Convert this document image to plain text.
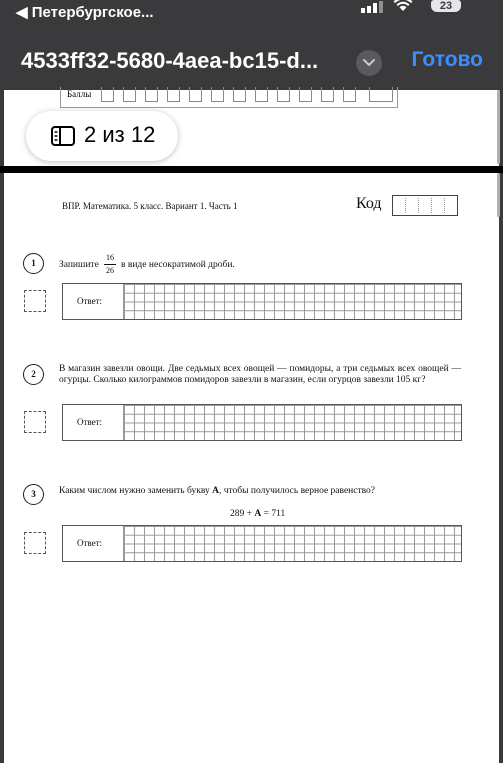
◀ Петербургское...	23
4533ff32-5680-4aea-bc15-d...	Готово
Баллы
2 из 12
ВПР. Математика. 5 класс. Вариант 1. Часть 1	Код
1	Запишите
16
26
в виде несократимой дроби.
Ответ:
2	В магазин завезли овощи. Две седьмых всех овощей — помидоры, а три седьмых всех овощей — огурцы. Сколько килограммов помидоров завезли в магазин, если огурцов завезли 105 кг?
Ответ:
3	Каким числом нужно заменить букву А, чтобы получилось верное равенство?
289 + А = 711
Ответ:
